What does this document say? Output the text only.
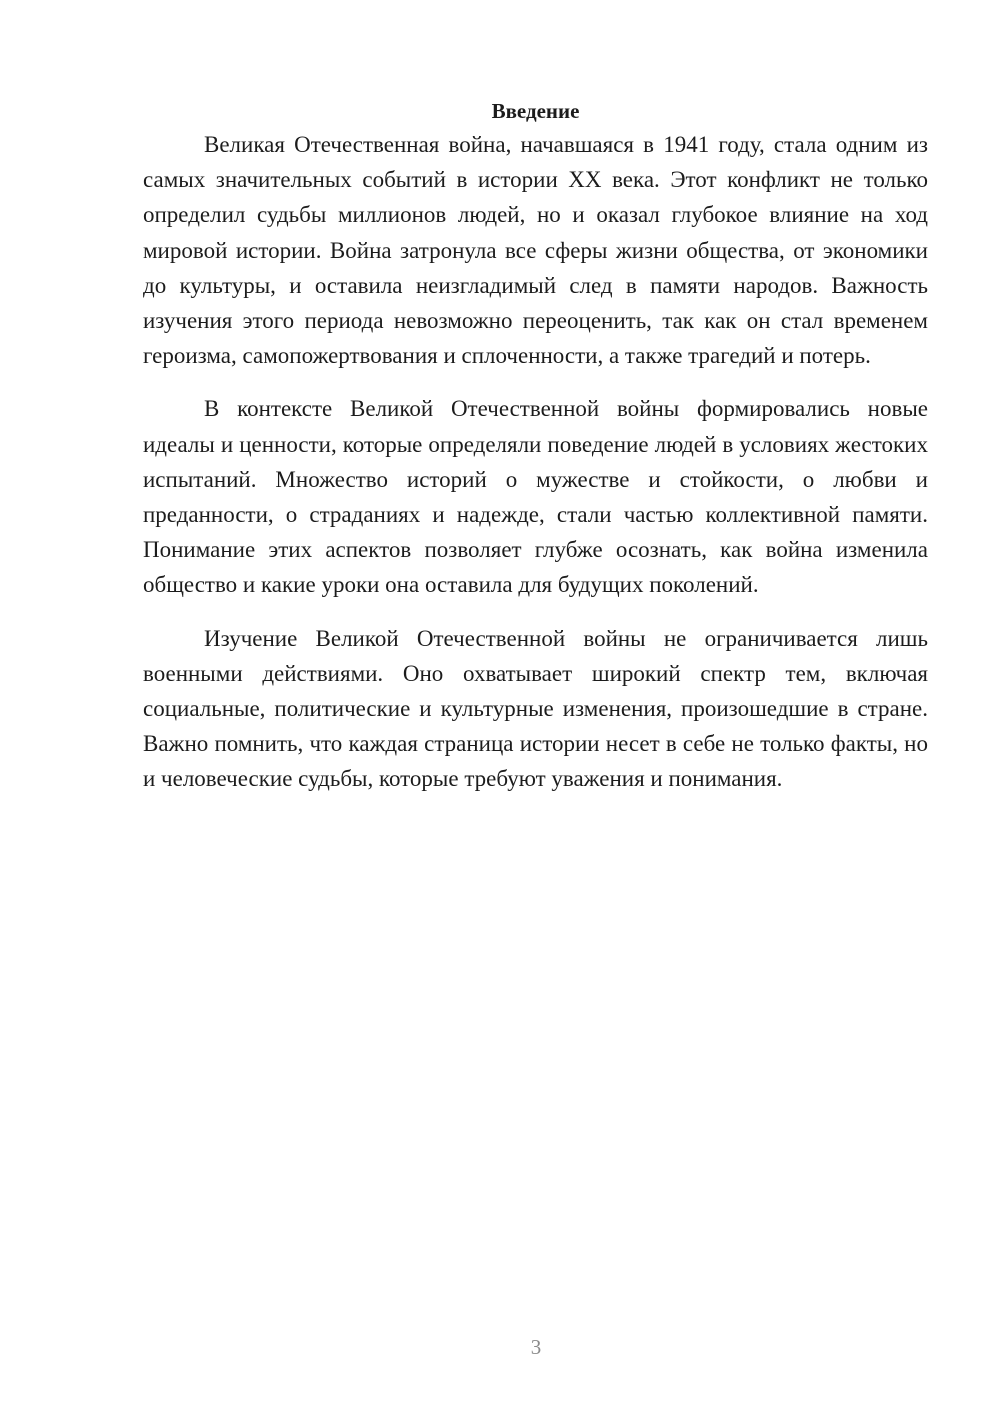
Введение

Великая Отечественная война, начавшаяся в 1941 году, стала одним из самых значительных событий в истории XX века. Этот конфликт не только определил судьбы миллионов людей, но и оказал глубокое влияние на ход мировой истории. Война затронула все сферы жизни общества, от экономики до культуры, и оставила неизгладимый след в памяти народов. Важность изучения этого периода невозможно переоценить, так как он стал временем героизма, самопожертвования и сплоченности, а также трагедий и потерь.

В контексте Великой Отечественной войны формировались новые идеалы и ценности, которые определяли поведение людей в условиях жестоких испытаний. Множество историй о мужестве и стойкости, о любви и преданности, о страданиях и надежде, стали частью коллективной памяти. Понимание этих аспектов позволяет глубже осознать, как война изменила общество и какие уроки она оставила для будущих поколений.

Изучение Великой Отечественной войны не ограничивается лишь военными действиями. Оно охватывает широкий спектр тем, включая социальные, политические и культурные изменения, произошедшие в стране. Важно помнить, что каждая страница истории несет в себе не только факты, но и человеческие судьбы, которые требуют уважения и понимания.

3
